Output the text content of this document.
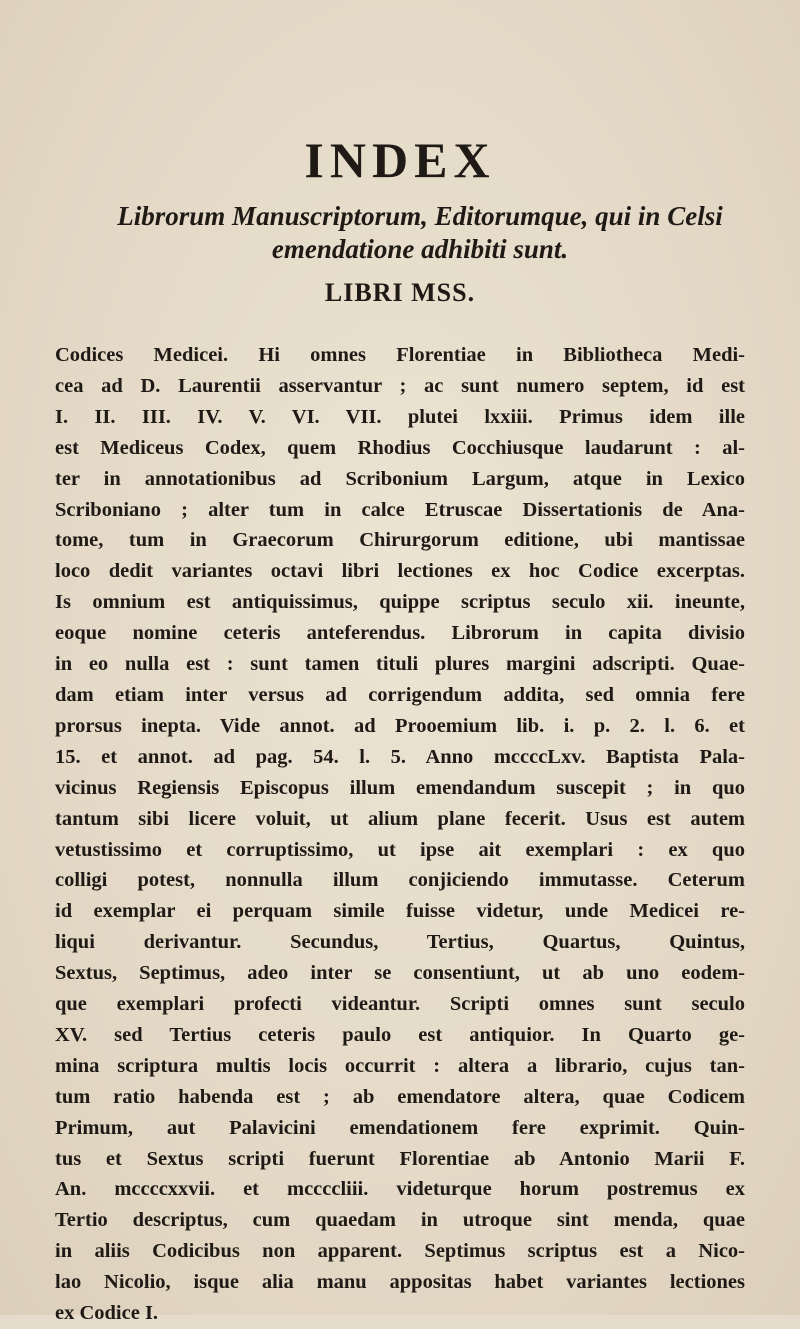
INDEX
Librorum Manuscriptorum, Editorumque, qui in Celsi
emendatione adhibiti sunt.
LIBRI MSS.
Codices Medicei. Hi omnes Florentiae in Bibliotheca Medi-
cea ad D. Laurentii asservantur ; ac sunt numero septem, id est
I. II. III. IV. V. VI. VII. plutei lxxiii. Primus idem ille
est Mediceus Codex, quem Rhodius Cocchiusque laudarunt : al-
ter in annotationibus ad Scribonium Largum, atque in Lexico
Scriboniano ; alter tum in calce Etruscae Dissertationis de Ana-
tome, tum in Graecorum Chirurgorum editione, ubi mantissae
loco dedit variantes octavi libri lectiones ex hoc Codice excerptas.
Is omnium est antiquissimus, quippe scriptus seculo xii. ineunte,
eoque nomine ceteris anteferendus. Librorum in capita divisio
in eo nulla est : sunt tamen tituli plures margini adscripti. Quae-
dam etiam inter versus ad corrigendum addita, sed omnia fere
prorsus inepta. Vide annot. ad Prooemium lib. i. p. 2. l. 6. et
15. et annot. ad pag. 54. l. 5. Anno mccccLxv. Baptista Pala-
vicinus Regiensis Episcopus illum emendandum suscepit ; in quo
tantum sibi licere voluit, ut alium plane fecerit. Usus est autem
vetustissimo et corruptissimo, ut ipse ait exemplari : ex quo
colligi potest, nonnulla illum conjiciendo immutasse. Ceterum
id exemplar ei perquam simile fuisse videtur, unde Medicei re-
liqui derivantur. Secundus, Tertius, Quartus, Quintus,
Sextus, Septimus, adeo inter se consentiunt, ut ab uno eodem-
que exemplari profecti videantur. Scripti omnes sunt seculo
XV. sed Tertius ceteris paulo est antiquior. In Quarto ge-
mina scriptura multis locis occurrit : altera a librario, cujus tan-
tum ratio habenda est ; ab emendatore altera, quae Codicem
Primum, aut Palavicini emendationem fere exprimit. Quin-
tus et Sextus scripti fuerunt Florentiae ab Antonio Marii F.
An. mccccxxvii. et mccccliii. videturque horum postremus ex
Tertio descriptus, cum quaedam in utroque sint menda, quae
in aliis Codicibus non apparent. Septimus scriptus est a Nico-
lao Nicolio, isque alia manu appositas habet variantes lectiones
ex Codice I.
